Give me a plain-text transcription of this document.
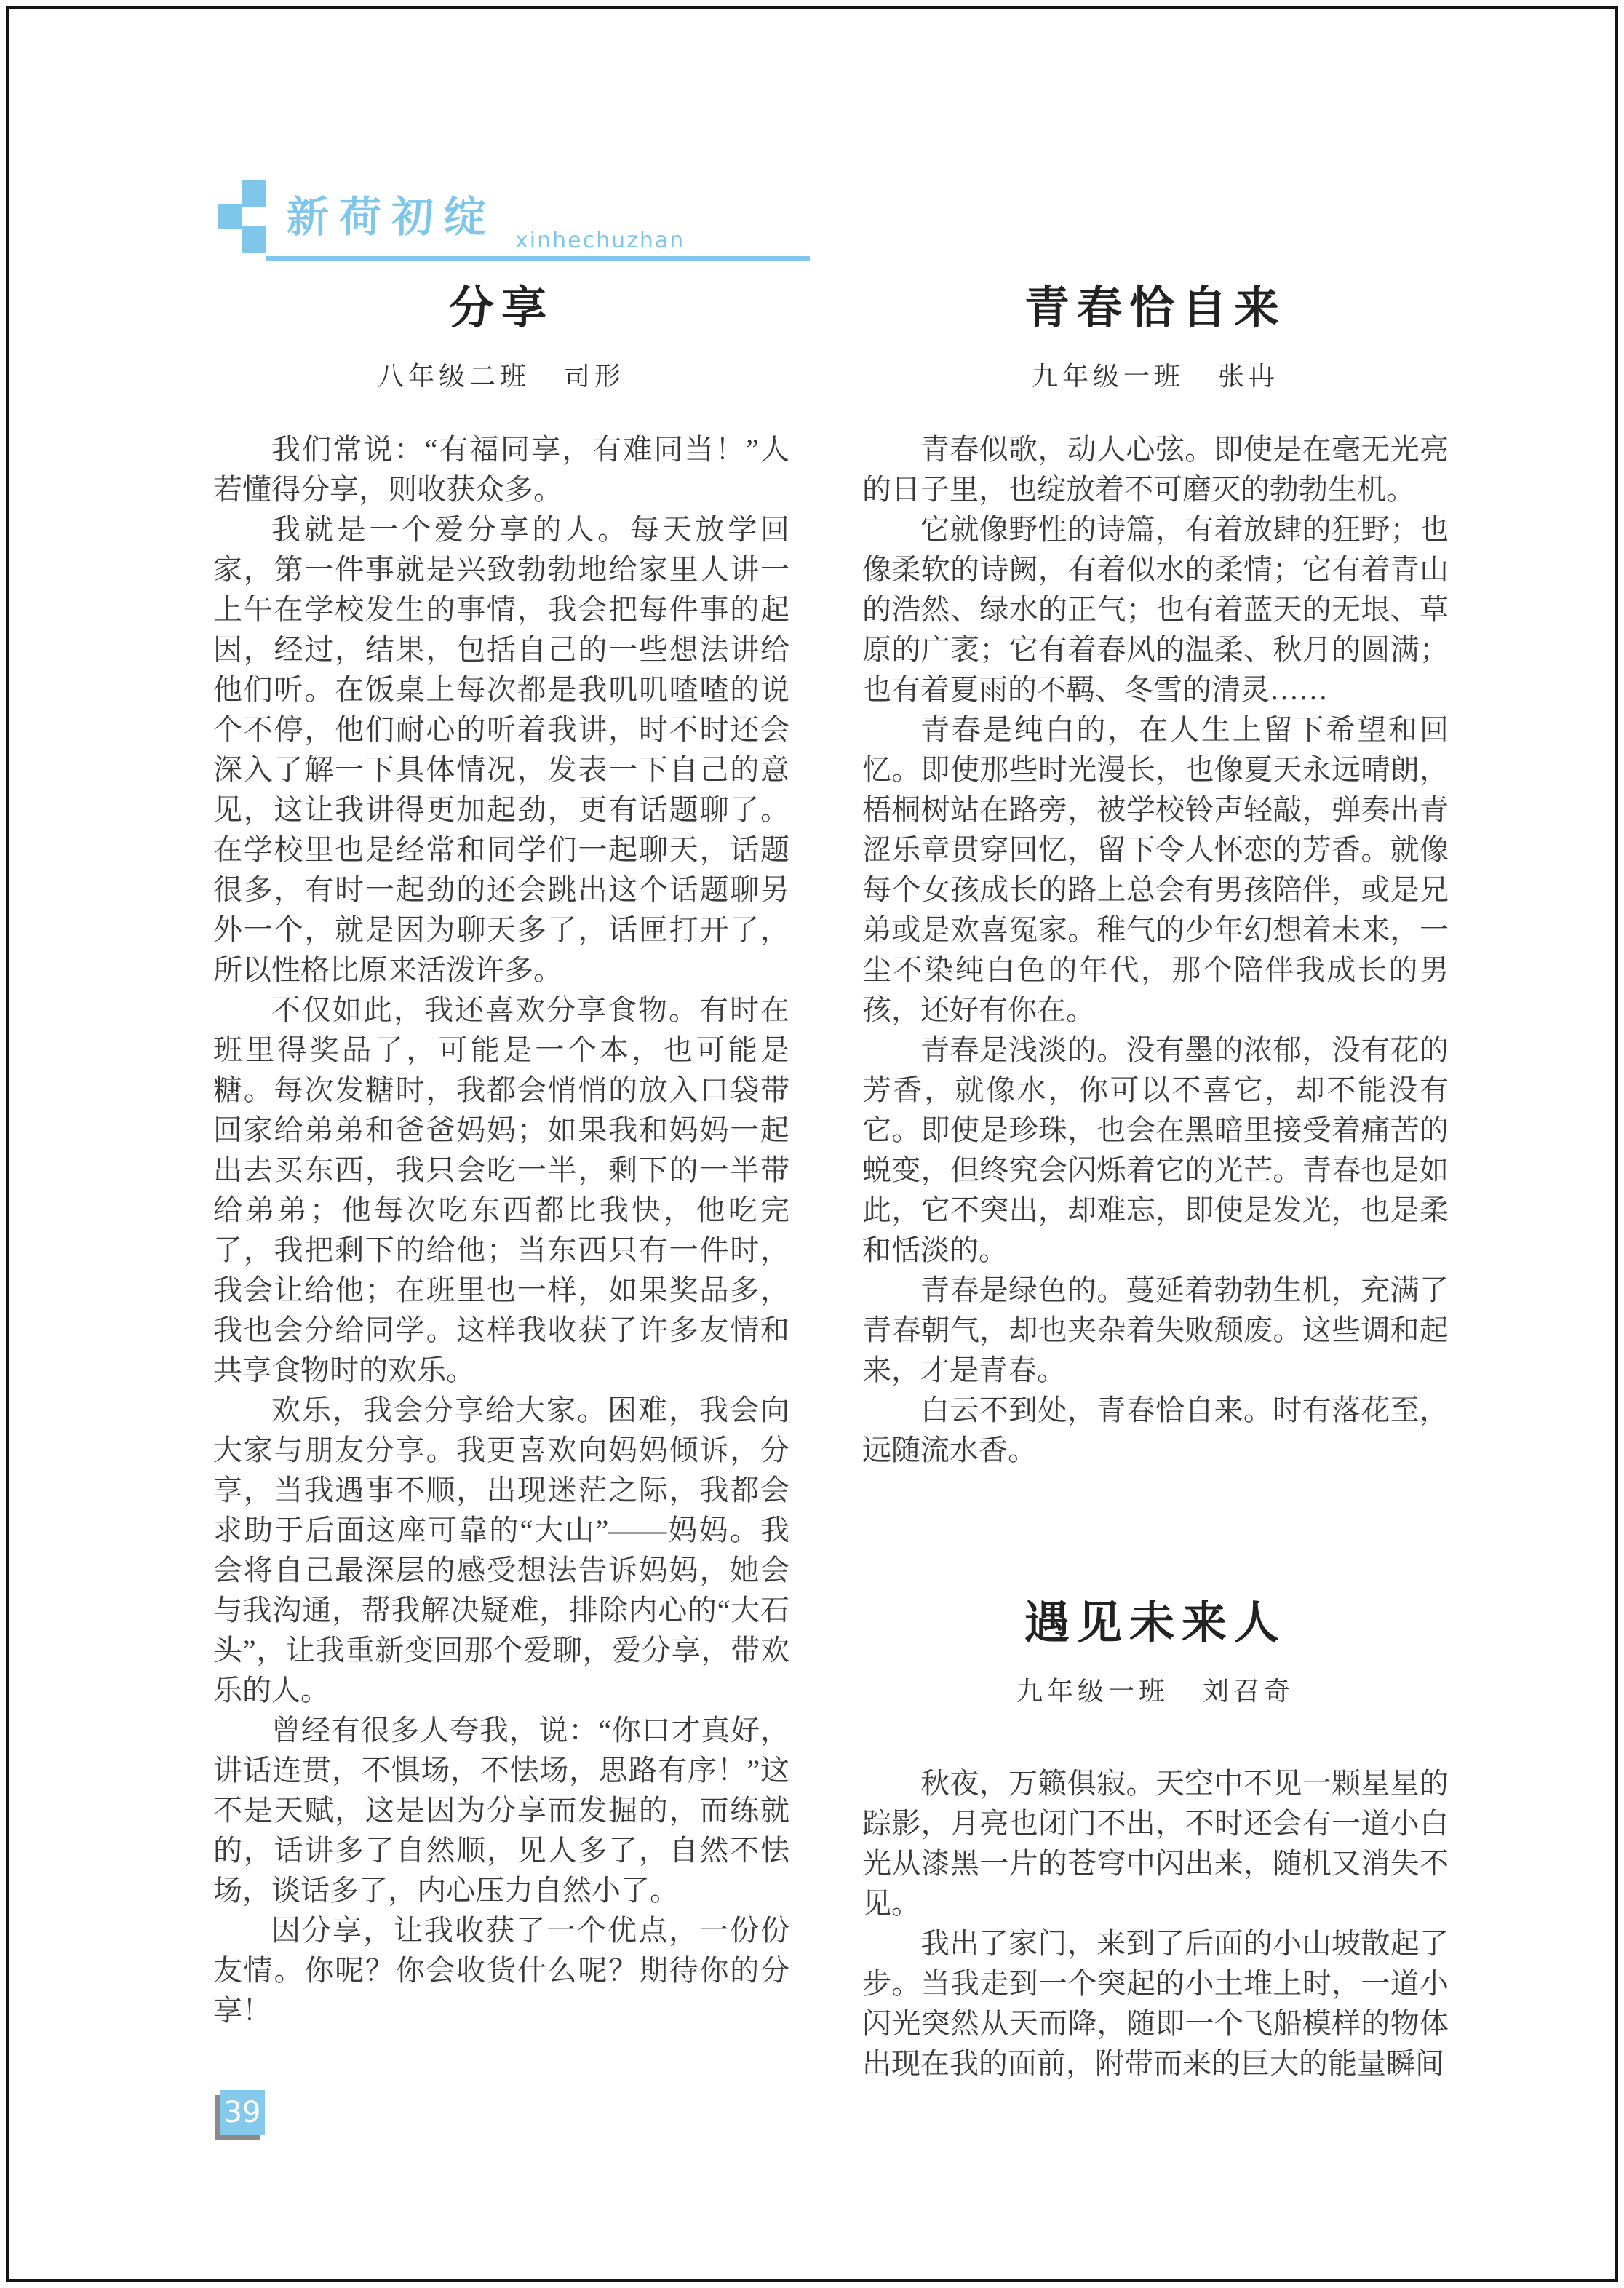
新荷初绽 xinhechuzhan
分享
八年级二班 司形

我们常说：“有福同享，有难同当！”人若懂得分享，则收获众多。

我就是一个爱分享的人。每天放学回家，第一件事就是兴致勃勃地给家里人讲一上午在学校发生的事情，我会把每件事的起因，经过，结果，包括自己的一些想法讲给他们听。在饭桌上每次都是我叽叽喳喳的说个不停，他们耐心的听着我讲，时不时还会深入了解一下具体情况，发表一下自己的意见，这让我讲得更加起劲，更有话题聊了。在学校里也是经常和同学们一起聊天，话题很多，有时一起劲的还会跳出这个话题聊另外一个，就是因为聊天多了，话匣打开了，所以性格比原来活泼许多。

不仅如此，我还喜欢分享食物。有时在班里得奖品了，可能是一个本，也可能是糖。每次发糖时，我都会悄悄的放入口袋带回家给弟弟和爸爸妈妈；如果我和妈妈一起出去买东西，我只会吃一半，剩下的一半带给弟弟；他每次吃东西都比我快，他吃完了，我把剩下的给他；当东西只有一件时，我会让给他；在班里也一样，如果奖品多，我也会分给同学。这样我收获了许多友情和共享食物时的欢乐。

欢乐，我会分享给大家。困难，我会向大家与朋友分享。我更喜欢向妈妈倾诉，分享，当我遇事不顺，出现迷茫之际，我都会求助于后面这座可靠的“大山”——妈妈。我会将自己最深层的感受想法告诉妈妈，她会与我沟通，帮我解决疑难，排除内心的“大石头”，让我重新变回那个爱聊，爱分享，带欢乐的人。

曾经有很多人夸我，说：“你口才真好，讲话连贯，不惧场，不怯场，思路有序！”这不是天赋，这是因为分享而发掘的，而练就的，话讲多了自然顺，见人多了，自然不怯场，谈话多了，内心压力自然小了。

因分享，让我收获了一个优点，一份份友情。你呢？你会收货什么呢？期待你的分享！

青春恰自来
九年级一班 张冉

青春似歌，动人心弦。即使是在毫无光亮的日子里，也绽放着不可磨灭的勃勃生机。

它就像野性的诗篇，有着放肆的狂野；也像柔软的诗阙，有着似水的柔情；它有着青山的浩然、绿水的正气；也有着蓝天的无垠、草原的广袤；它有着春风的温柔、秋月的圆满；也有着夏雨的不羁、冬雪的清灵……

青春是纯白的，在人生上留下希望和回忆。即使那些时光漫长，也像夏天永远晴朗，梧桐树站在路旁，被学校铃声轻敲，弹奏出青涩乐章贯穿回忆，留下令人怀恋的芳香。就像每个女孩成长的路上总会有男孩陪伴，或是兄弟或是欢喜冤家。稚气的少年幻想着未来，一尘不染纯白色的年代，那个陪伴我成长的男孩，还好有你在。

青春是浅淡的。没有墨的浓郁，没有花的芳香，就像水，你可以不喜它，却不能没有它。即使是珍珠，也会在黑暗里接受着痛苦的蜕变，但终究会闪烁着它的光芒。青春也是如此，它不突出，却难忘，即使是发光，也是柔和恬淡的。

青春是绿色的。蔓延着勃勃生机，充满了青春朝气，却也夹杂着失败颓废。这些调和起来，才是青春。

白云不到处，青春恰自来。时有落花至，远随流水香。

遇见未来人
九年级一班 刘召奇

秋夜，万籁俱寂。天空中不见一颗星星的踪影，月亮也闭门不出，不时还会有一道小白光从漆黑一片的苍穹中闪出来，随机又消失不见。

我出了家门，来到了后面的小山坡散起了步。当我走到一个突起的小土堆上时，一道小闪光突然从天而降，随即一个飞船模样的物体出现在我的面前，附带而来的巨大的能量瞬间

39
